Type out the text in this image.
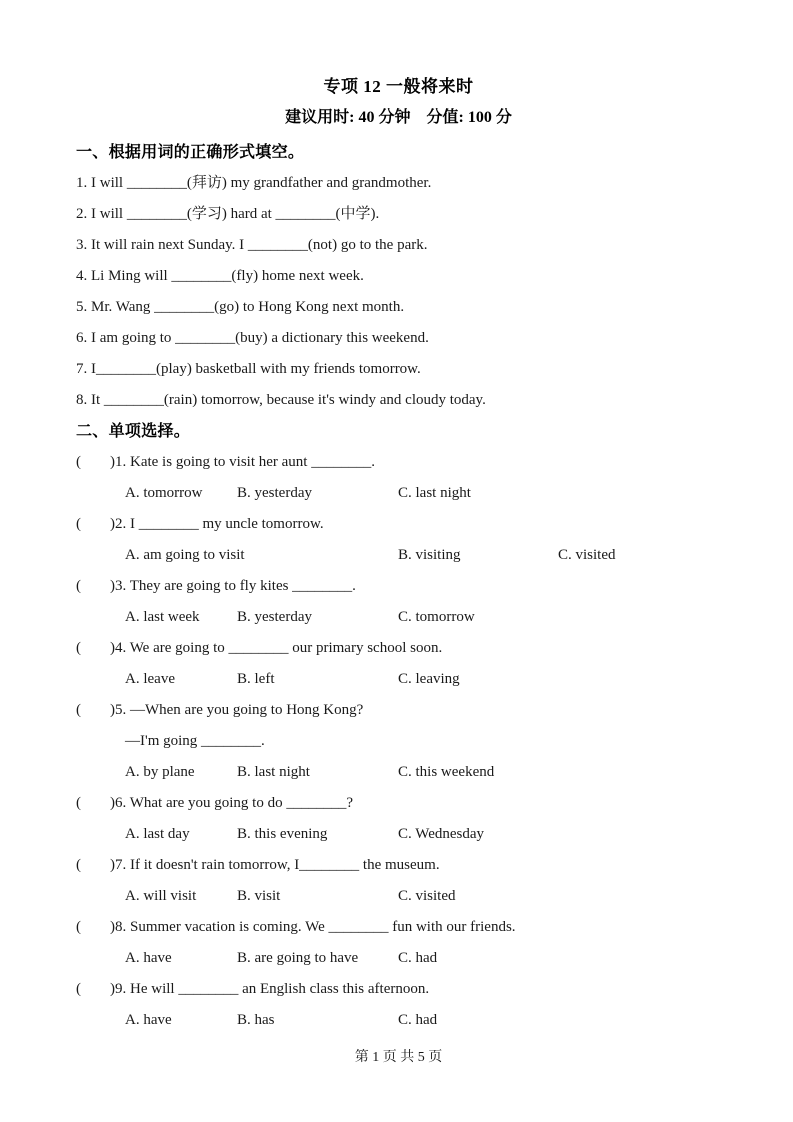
专项 12 一般将来时
建议用时: 40 分钟　分值: 100 分
一、根据用词的正确形式填空。
1. I will ________(拜访) my grandfather and grandmother.
2. I will ________(学习) hard at ________(中学).
3. It will rain next Sunday. I ________(not) go to the park.
4. Li Ming will ________(fly) home next week.
5. Mr. Wang ________(go) to Hong Kong next month.
6. I am going to ________(buy) a dictionary this weekend.
7. I________(play) basketball with my friends tomorrow.
8. It ________(rain) tomorrow, because it's windy and cloudy today.
二、单项选择。
( )1. Kate is going to visit her aunt ________.
A. tomorrow B. yesterday	C. last night
( )2. I ________ my uncle tomorrow.
A. am going to visit	B. visiting	C. visited
( )3. They are going to fly kites ________.
A. last week B. yesterday	C. tomorrow
( )4. We are going to ________ our primary school soon.
A. leave	B. left	C. leaving
( )5. —When are you going to Hong Kong?
—I'm going ________.
A. by plane	B. last night	C. this weekend
( )6. What are you going to do ________?
A. last day	B. this evening	C. Wednesday
( )7. If it doesn't rain tomorrow, I________ the museum.
A. will visit	B. visit	C. visited
( )8. Summer vacation is coming. We ________ fun with our friends.
A. have	B. are going to have	C. had
( )9. He will ________ an English class this afternoon.
A. have	B. has	C. had
第 1 页 共 5 页
